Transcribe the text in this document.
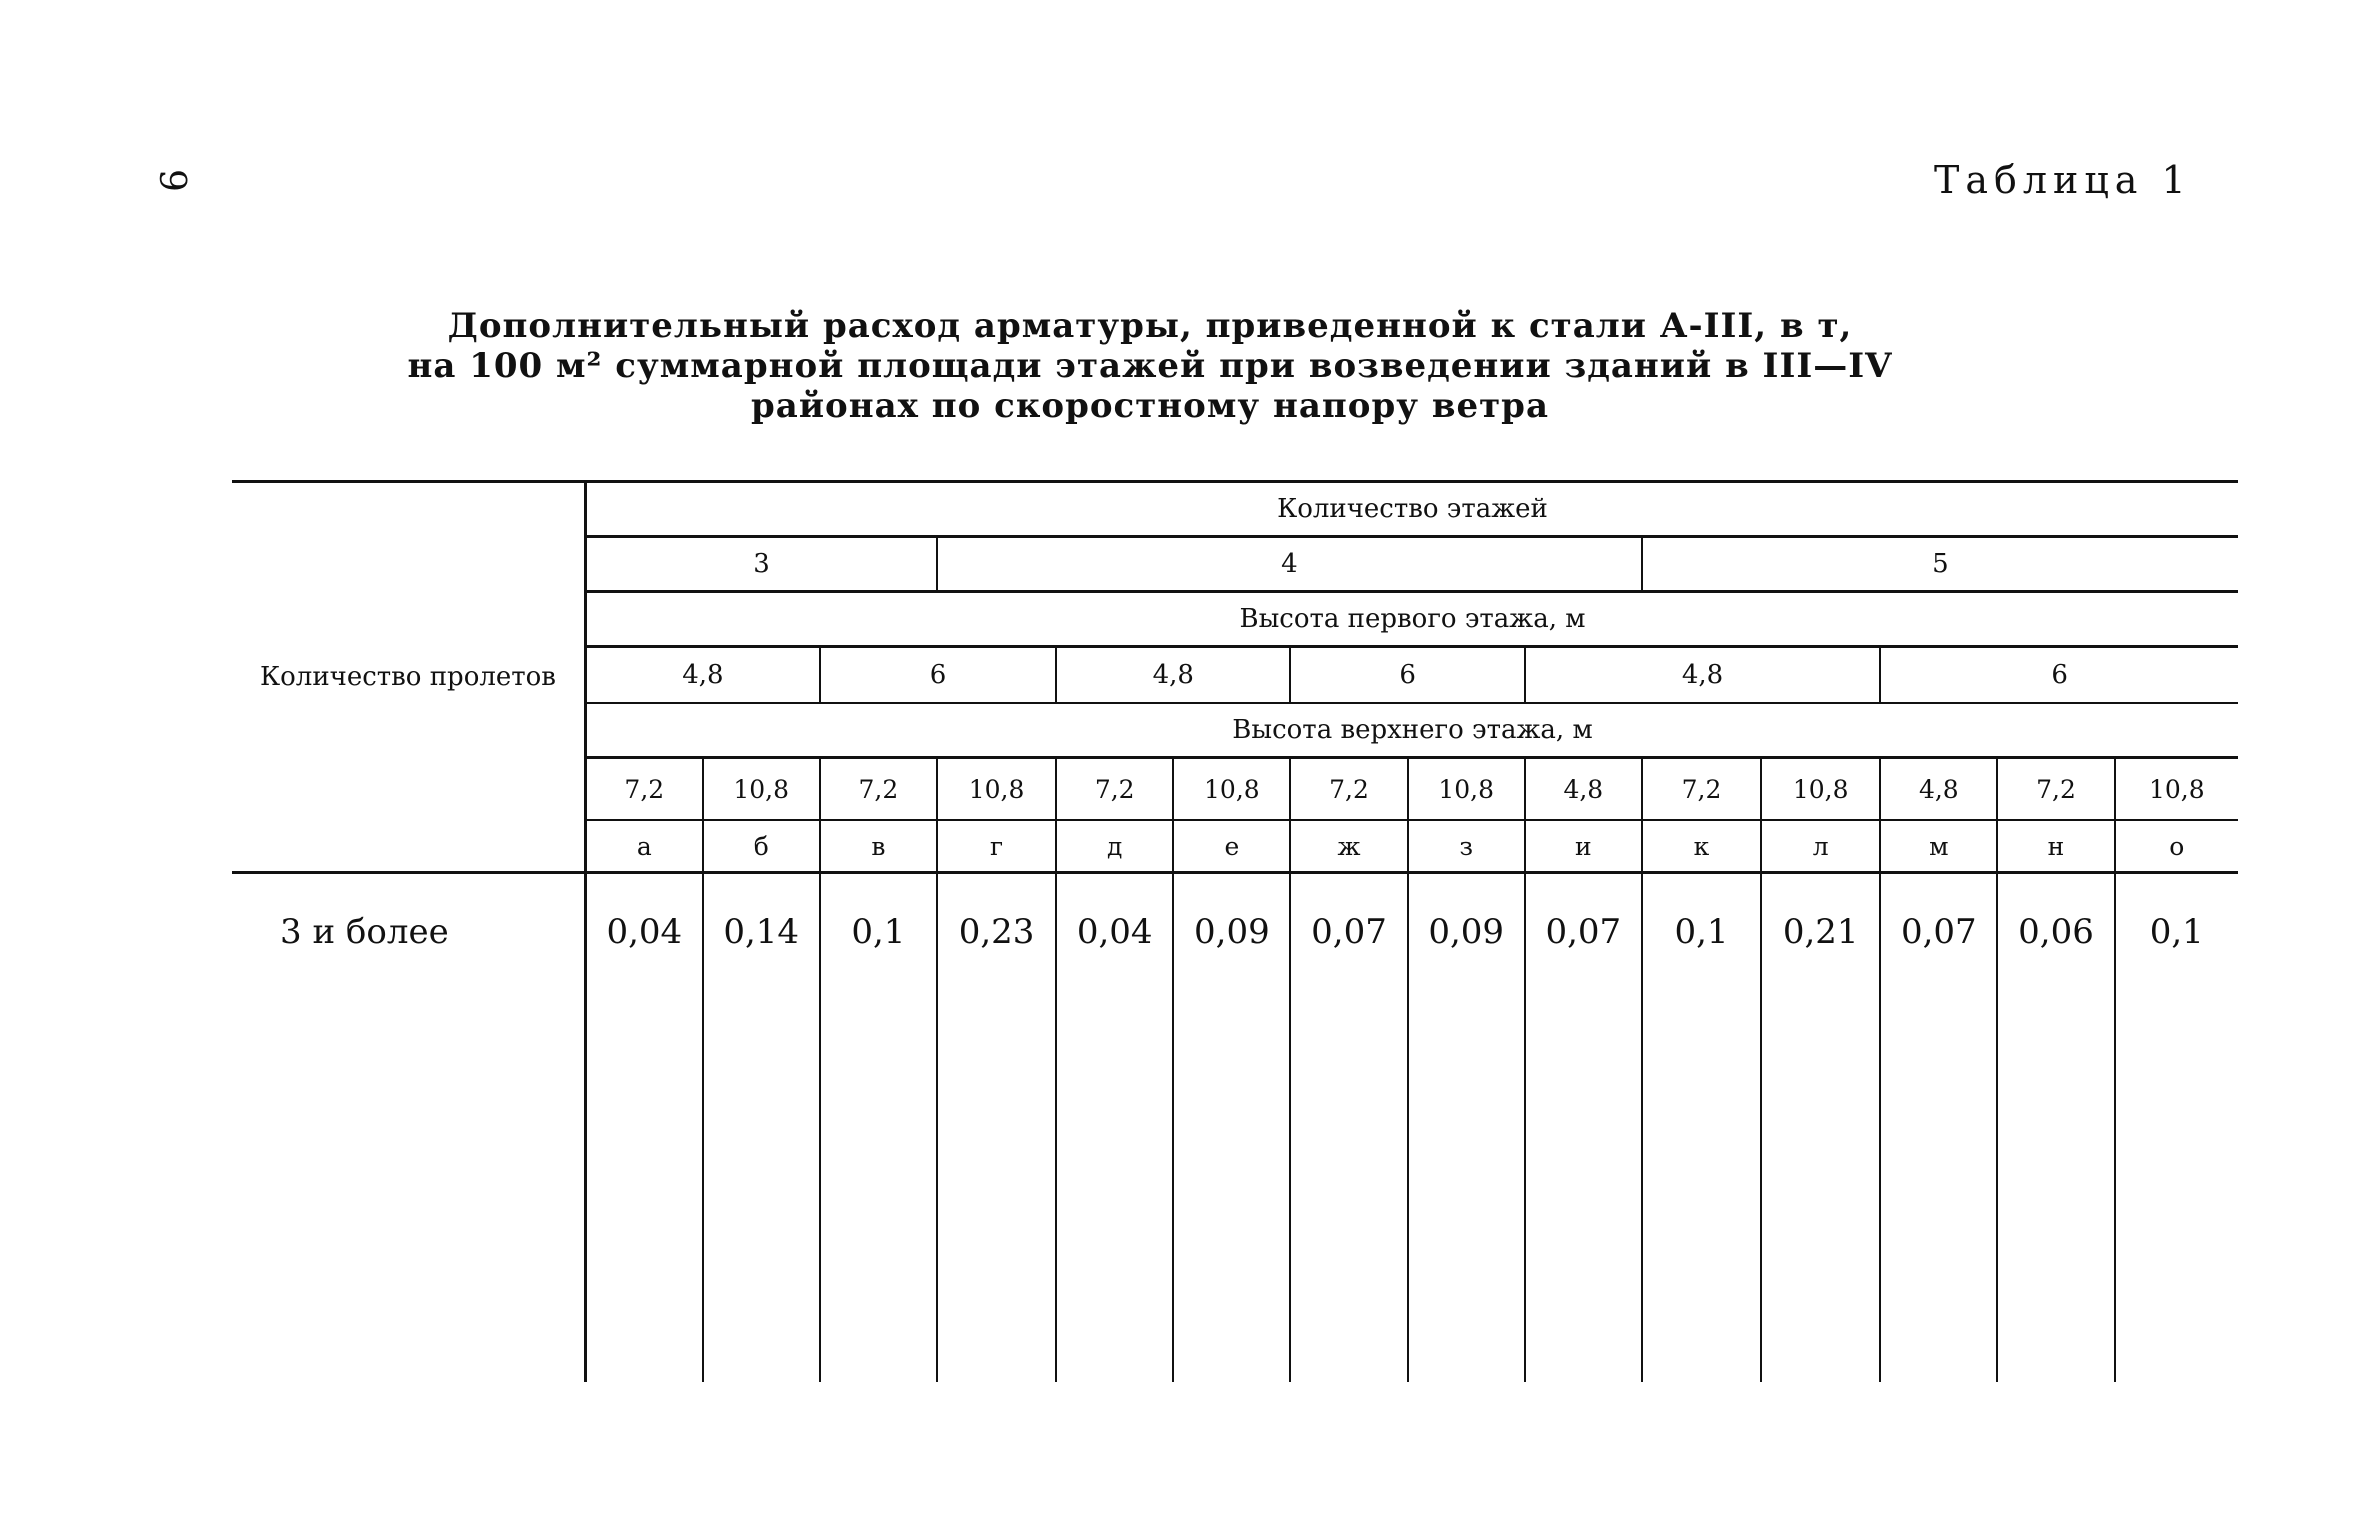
9	Таблица 1
Дополнительный расход арматуры, приведенной к стали А-III, в т,
на 100 м² суммарной площади этажей при возведении зданий в III—IV
районах по скоростному напору ветра
Количество пролетов	Количество этажей													
	3			4						5				
	Высота первого этажа, м													
	4,8		6		4,8		6		4,8			6		
	Высота верхнего этажа, м													
	7,2	10,8	7,2	10,8	7,2	10,8	7,2	10,8	4,8	7,2	10,8	4,8	7,2	10,8
	а	б	в	г	д	е	ж	з	и	к	л	м	н	о
3 и более	0,04	0,14	0,1	0,23	0,04	0,09	0,07	0,09	0,07	0,1	0,21	0,07	0,06	0,1
